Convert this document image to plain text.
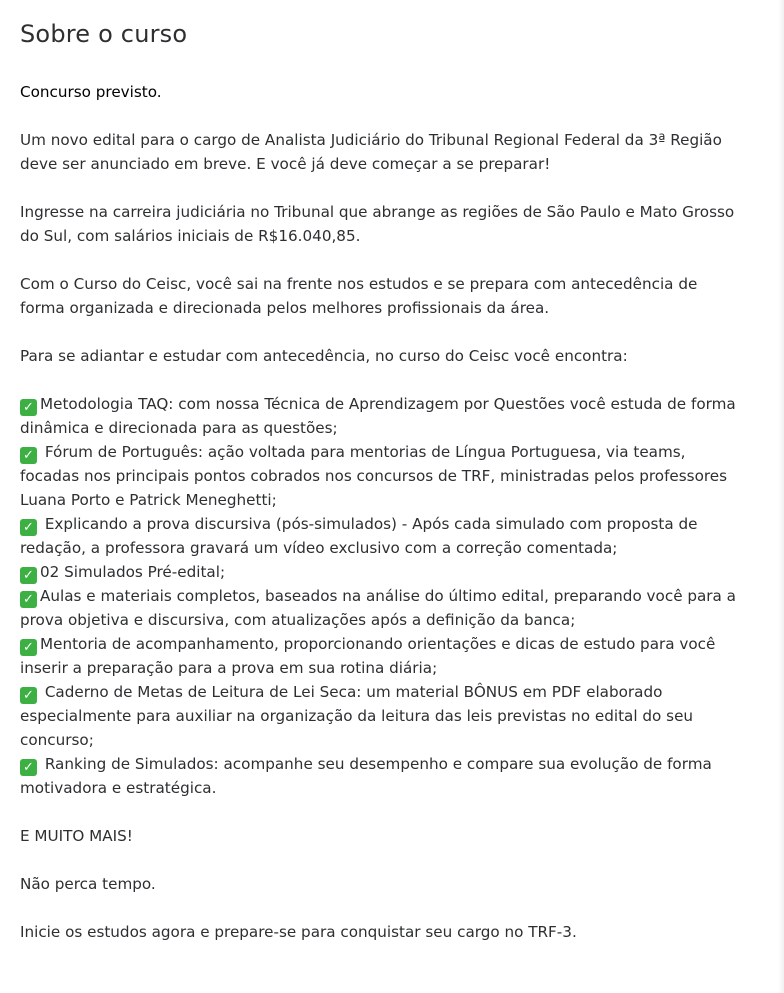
Sobre o curso

Concurso previsto.

Um novo edital para o cargo de Analista Judiciário do Tribunal Regional Federal da 3ª Região deve ser anunciado em breve. E você já deve começar a se preparar!

Ingresse na carreira judiciária no Tribunal que abrange as regiões de São Paulo e Mato Grosso do Sul, com salários iniciais de R$16.040,85.

Com o Curso do Ceisc, você sai na frente nos estudos e se prepara com antecedência de forma organizada e direcionada pelos melhores profissionais da área.

Para se adiantar e estudar com antecedência, no curso do Ceisc você encontra:

✓ Metodologia TAQ: com nossa Técnica de Aprendizagem por Questões você estuda de forma dinâmica e direcionada para as questões;
✓ Fórum de Português: ação voltada para mentorias de Língua Portuguesa, via teams, focadas nos principais pontos cobrados nos concursos de TRF, ministradas pelos professores Luana Porto e Patrick Meneghetti;
✓ Explicando a prova discursiva (pós-simulados) - Após cada simulado com proposta de redação, a professora gravará um vídeo exclusivo com a correção comentada;
✓ 02 Simulados Pré-edital;
✓ Aulas e materiais completos, baseados na análise do último edital, preparando você para a prova objetiva e discursiva, com atualizações após a definição da banca;
✓ Mentoria de acompanhamento, proporcionando orientações e dicas de estudo para você inserir a preparação para a prova em sua rotina diária;
✓ Caderno de Metas de Leitura de Lei Seca: um material BÔNUS em PDF elaborado especialmente para auxiliar na organização da leitura das leis previstas no edital do seu concurso;
✓ Ranking de Simulados: acompanhe seu desempenho e compare sua evolução de forma motivadora e estratégica.

E MUITO MAIS!

Não perca tempo.

Inicie os estudos agora e prepare-se para conquistar seu cargo no TRF-3.
